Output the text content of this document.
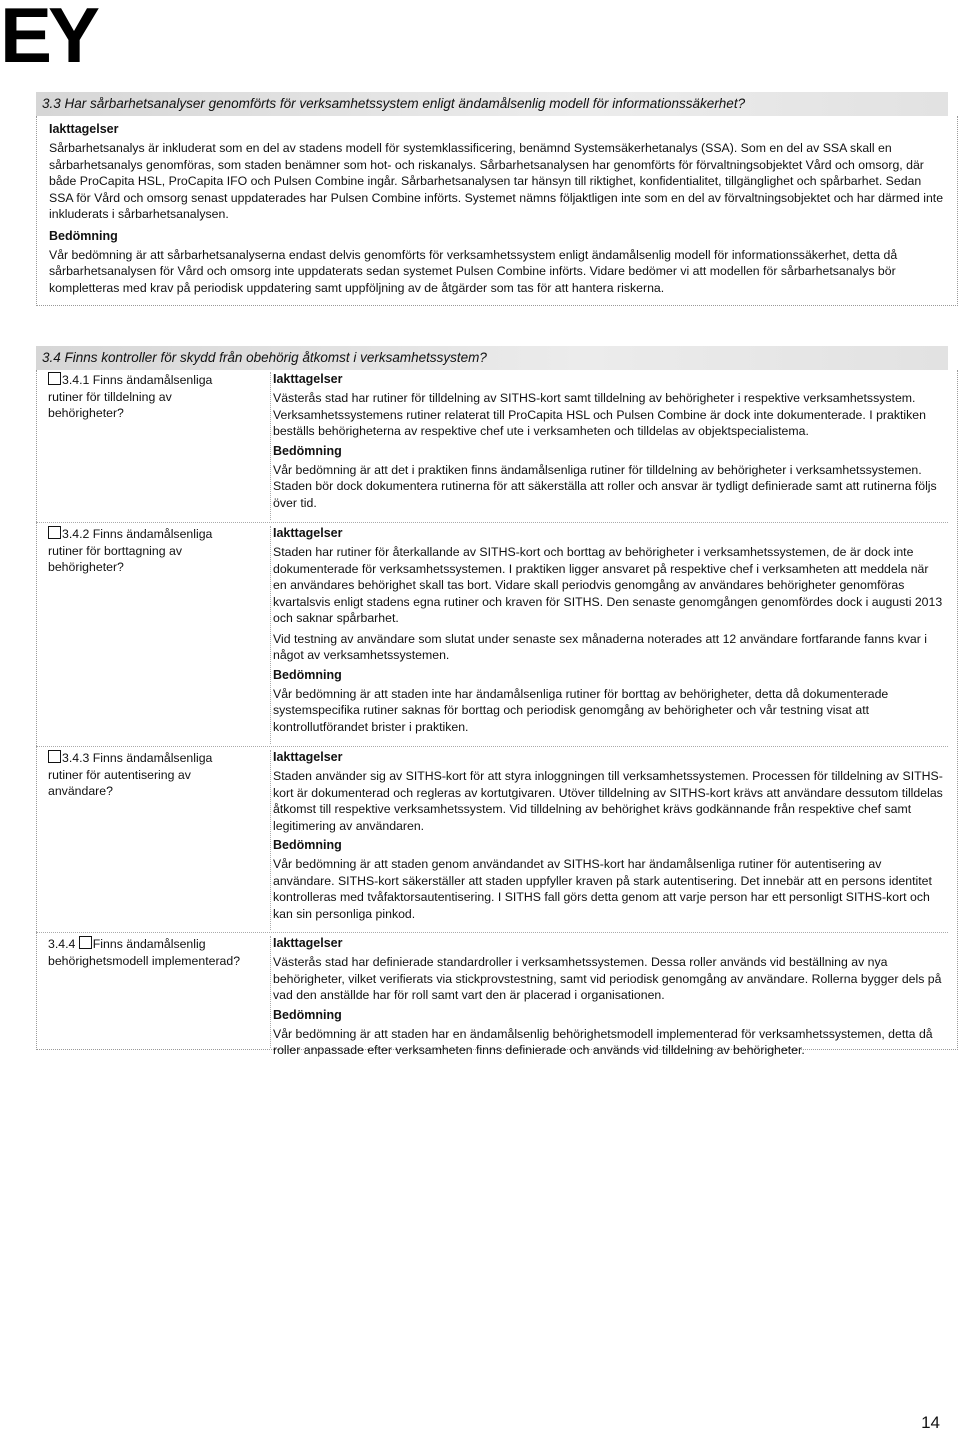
EY
3.3 Har sårbarhetsanalyser genomförts för verksamhetssystem enligt ändamålsenlig modell för informationssäkerhet?

Iakttagelser

Sårbarhetsanalys är inkluderat som en del av stadens modell för systemklassificering, benämnd Systemsäkerhetanalys (SSA). Som en del av SSA skall en sårbarhetsanalys genomföras, som staden benämner som hot- och riskanalys. Sårbarhetsanalysen har genomförts för förvaltningsobjektet Vård och omsorg, där både ProCapita HSL, ProCapita IFO och Pulsen Combine ingår. Sårbarhetsanalysen tar hänsyn till riktighet, konfidentialitet, tillgänglighet och spårbarhet. Sedan SSA för Vård och omsorg senast uppdaterades har Pulsen Combine införts. Systemet nämns följaktligen inte som en del av förvaltningsobjektet och har därmed inte inkluderats i sårbarhetsanalysen.

Bedömning

Vår bedömning är att sårbarhetsanalyserna endast delvis genomförts för verksamhetssystem enligt ändamålsenlig modell för informationssäkerhet, detta då sårbarhetsanalysen för Vård och omsorg inte uppdaterats sedan systemet Pulsen Combine införts. Vidare bedömer vi att modellen för sårbarhetsanalys bör kompletteras med krav på periodisk uppdatering samt uppföljning av de åtgärder som tas för att hantera riskerna.

3.4 Finns kontroller för skydd från obehörig åtkomst i verksamhetssystem?
3.4.1 Finns ändamålsenliga rutiner för tilldelning av behörigheter?

Iakttagelser

Västerås stad har rutiner för tilldelning av SITHS-kort samt tilldelning av behörigheter i respektive verksamhetssystem. Verksamhetssystemens rutiner relaterat till ProCapita HSL och Pulsen Combine är dock inte dokumenterade. I praktiken beställs behörigheterna av respektive chef ute i verksamheten och tilldelas av objektspecialistema.

Bedömning

Vår bedömning är att det i praktiken finns ändamålsenliga rutiner för tilldelning av behörigheter i verksamhetssystemen. Staden bör dock dokumentera rutinerna för att säkerställa att roller och ansvar är tydligt definierade samt att rutinerna följs över tid.

3.4.2 Finns ändamålsenliga rutiner för borttagning av behörigheter?

Iakttagelser

Staden har rutiner för återkallande av SITHS-kort och borttag av behörigheter i verksamhetssystemen, de är dock inte dokumenterade för verksamhetssystemen. I praktiken ligger ansvaret på respektive chef i verksamheten att meddela när en användares behörighet skall tas bort. Vidare skall periodvis genomgång av användares behörigheter genomföras kvartalsvis enligt stadens egna rutiner och kraven för SITHS. Den senaste genomgången genomfördes dock i augusti 2013 och saknar spårbarhet.

Vid testning av användare som slutat under senaste sex månaderna noterades att 12 användare fortfarande fanns kvar i något av verksamhetssystemen.

Bedömning

Vår bedömning är att staden inte har ändamålsenliga rutiner för borttag av behörigheter, detta då dokumenterade systemspecifika rutiner saknas för borttag och periodisk genomgång av behörigheter och vår testning visat att kontrollutförandet brister i praktiken.

3.4.3 Finns ändamålsenliga rutiner för autentisering av användare?

Iakttagelser

Staden använder sig av SITHS-kort för att styra inloggningen till verksamhetssystemen. Processen för tilldelning av SITHS-kort är dokumenterad och regleras av kortutgivaren. Utöver tilldelning av SITHS-kort krävs att användare dessutom tilldelas åtkomst till respektive verksamhetssystem. Vid tilldelning av behörighet krävs godkännande från respektive chef samt legitimering av användaren.

Bedömning

Vår bedömning är att staden genom användandet av SITHS-kort har ändamålsenliga rutiner för autentisering av användare. SITHS-kort säkerställer att staden uppfyller kraven på stark autentisering. Det innebär att en persons identitet kontrolleras med tvåfaktorsautentisering. I SITHS fall görs detta genom att varje person har ett personligt SITHS-kort och kan sin personliga pinkod.

3.4.4 Finns ändamålsenlig behörighetsmodell implementerad?

Iakttagelser

Västerås stad har definierade standardroller i verksamhetssystemen. Dessa roller används vid beställning av nya behörigheter, vilket verifierats via stickprovstestning, samt vid periodisk genomgång av användare. Rollerna bygger dels på vad den anställde har för roll samt vart den är placerad i organisationen.

Bedömning

Vår bedömning är att staden har en ändamålsenlig behörighetsmodell implementerad för verksamhetssystemen, detta då roller anpassade efter verksamheten finns definierade och används vid tilldelning av behörigheter.

14
